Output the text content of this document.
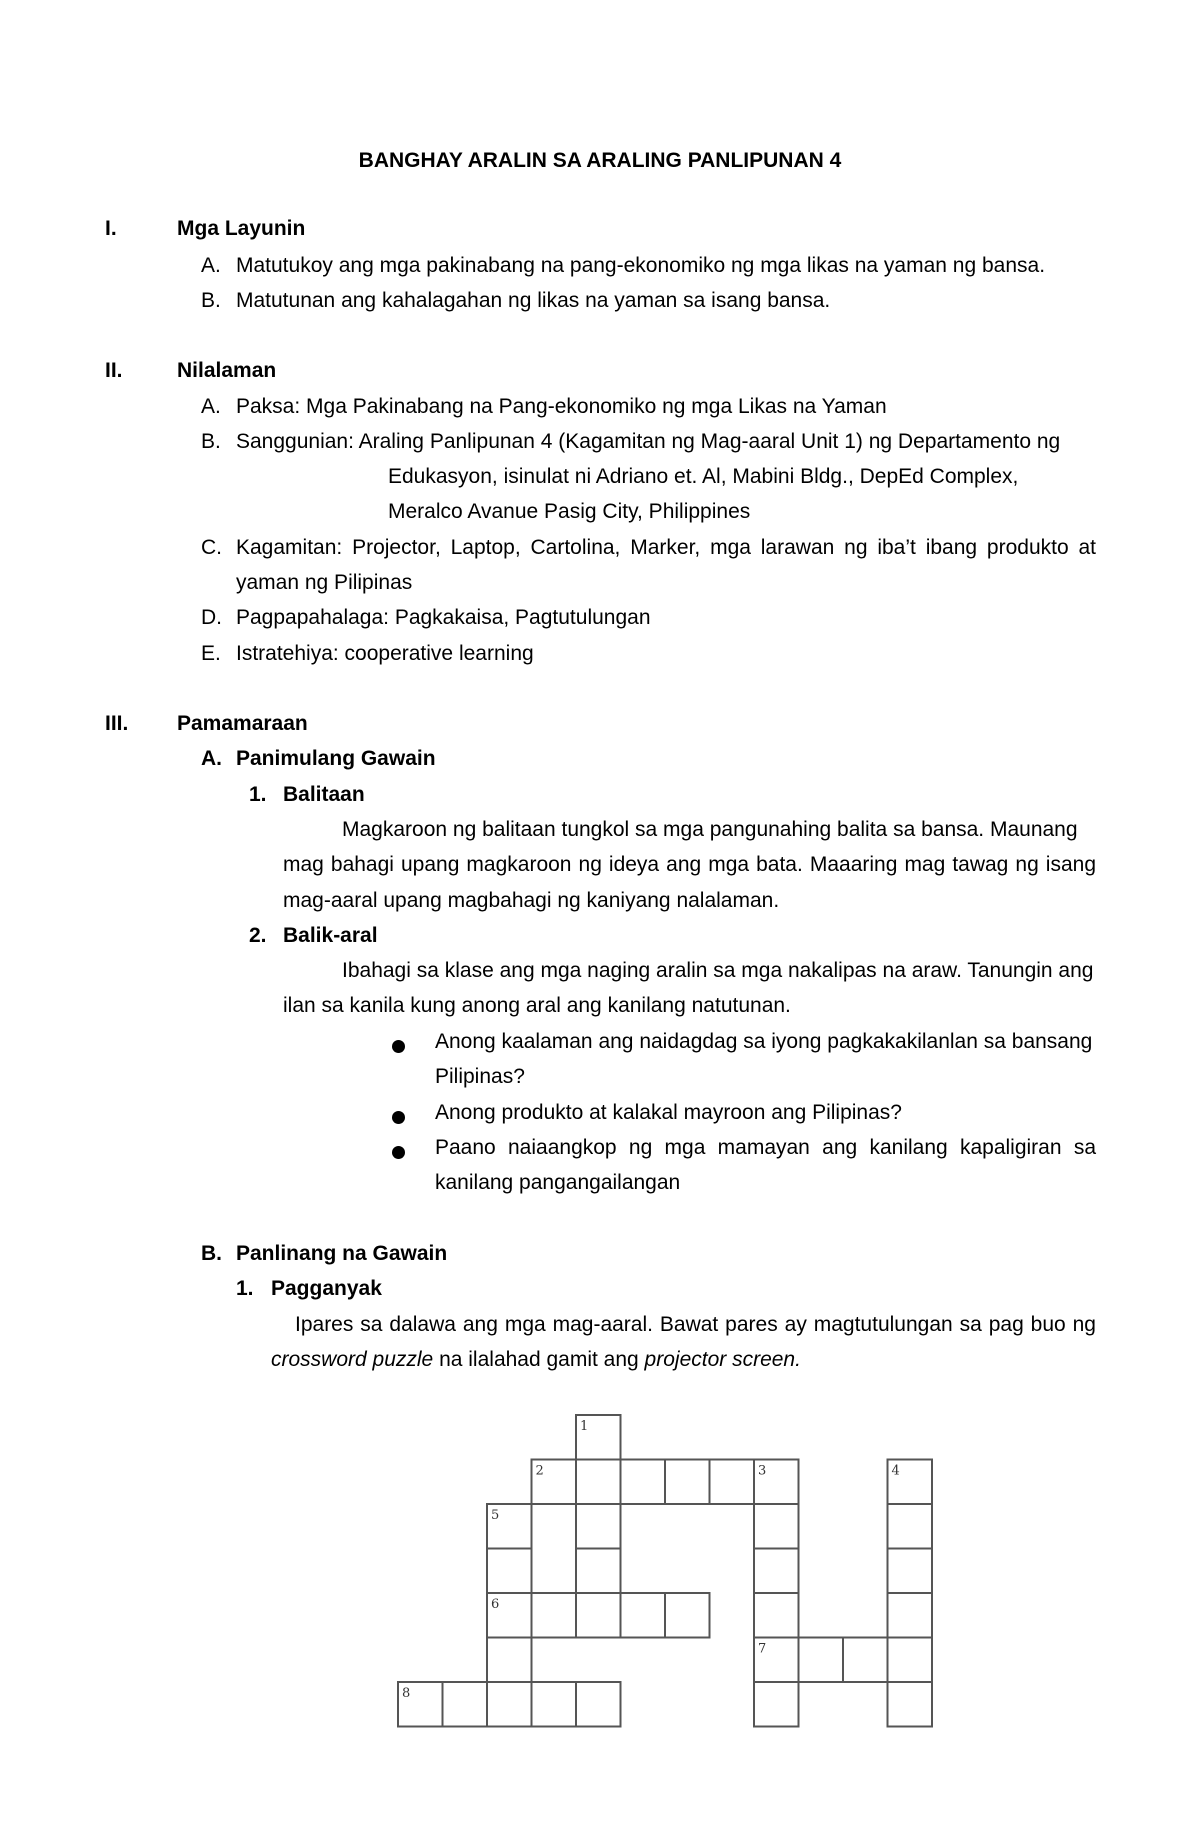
BANGHAY ARALIN SA ARALING PANLIPUNAN 4
I.	Mga Layunin
A. Matutukoy ang mga pakinabang na pang-ekonomiko ng mga likas na yaman ng bansa.
B. Matutunan ang kahalagahan ng likas na yaman sa isang bansa.
II.	Nilalaman
A. Paksa: Mga Pakinabang na Pang-ekonomiko ng mga Likas na Yaman
B. Sanggunian: Araling Panlipunan 4 (Kagamitan ng Mag-aaral Unit 1) ng Departamento ng
Edukasyon, isinulat ni Adriano et. Al, Mabini Bldg., DepEd Complex,
Meralco Avanue Pasig City, Philippines
C. Kagamitan: Projector, Laptop, Cartolina, Marker, mga larawan ng iba’t ibang produkto at
yaman ng Pilipinas
D. Pagpapahalaga: Pagkakaisa, Pagtutulungan
E. Istratehiya: cooperative learning
III. Pamamaraan
A. Panimulang Gawain
1. Balitaan
Magkaroon ng balitaan tungkol sa mga pangunahing balita sa bansa. Maunang
mag bahagi upang magkaroon ng ideya ang mga bata. Maaaring mag tawag ng isang
mag-aaral upang magbahagi ng kaniyang nalalaman.
2. Balik-aral
Ibahagi sa klase ang mga naging aralin sa mga nakalipas na araw. Tanungin ang
ilan sa kanila kung anong aral ang kanilang natutunan.
Anong kaalaman ang naidagdag sa iyong pagkakakilanlan sa bansang
Pilipinas?
Anong produkto at kalakal mayroon ang Pilipinas?
Paano naiaangkop ng mga mamayan ang kanilang kapaligiran sa
kanilang pangangailangan
B. Panlinang na Gawain
1. Pagganyak
Ipares sa dalawa ang mga mag-aaral. Bawat pares ay magtutulungan sa pag buo ng
crossword puzzle na ilalahad gamit ang projector screen.
1
2	3	4
5
6
7
8
